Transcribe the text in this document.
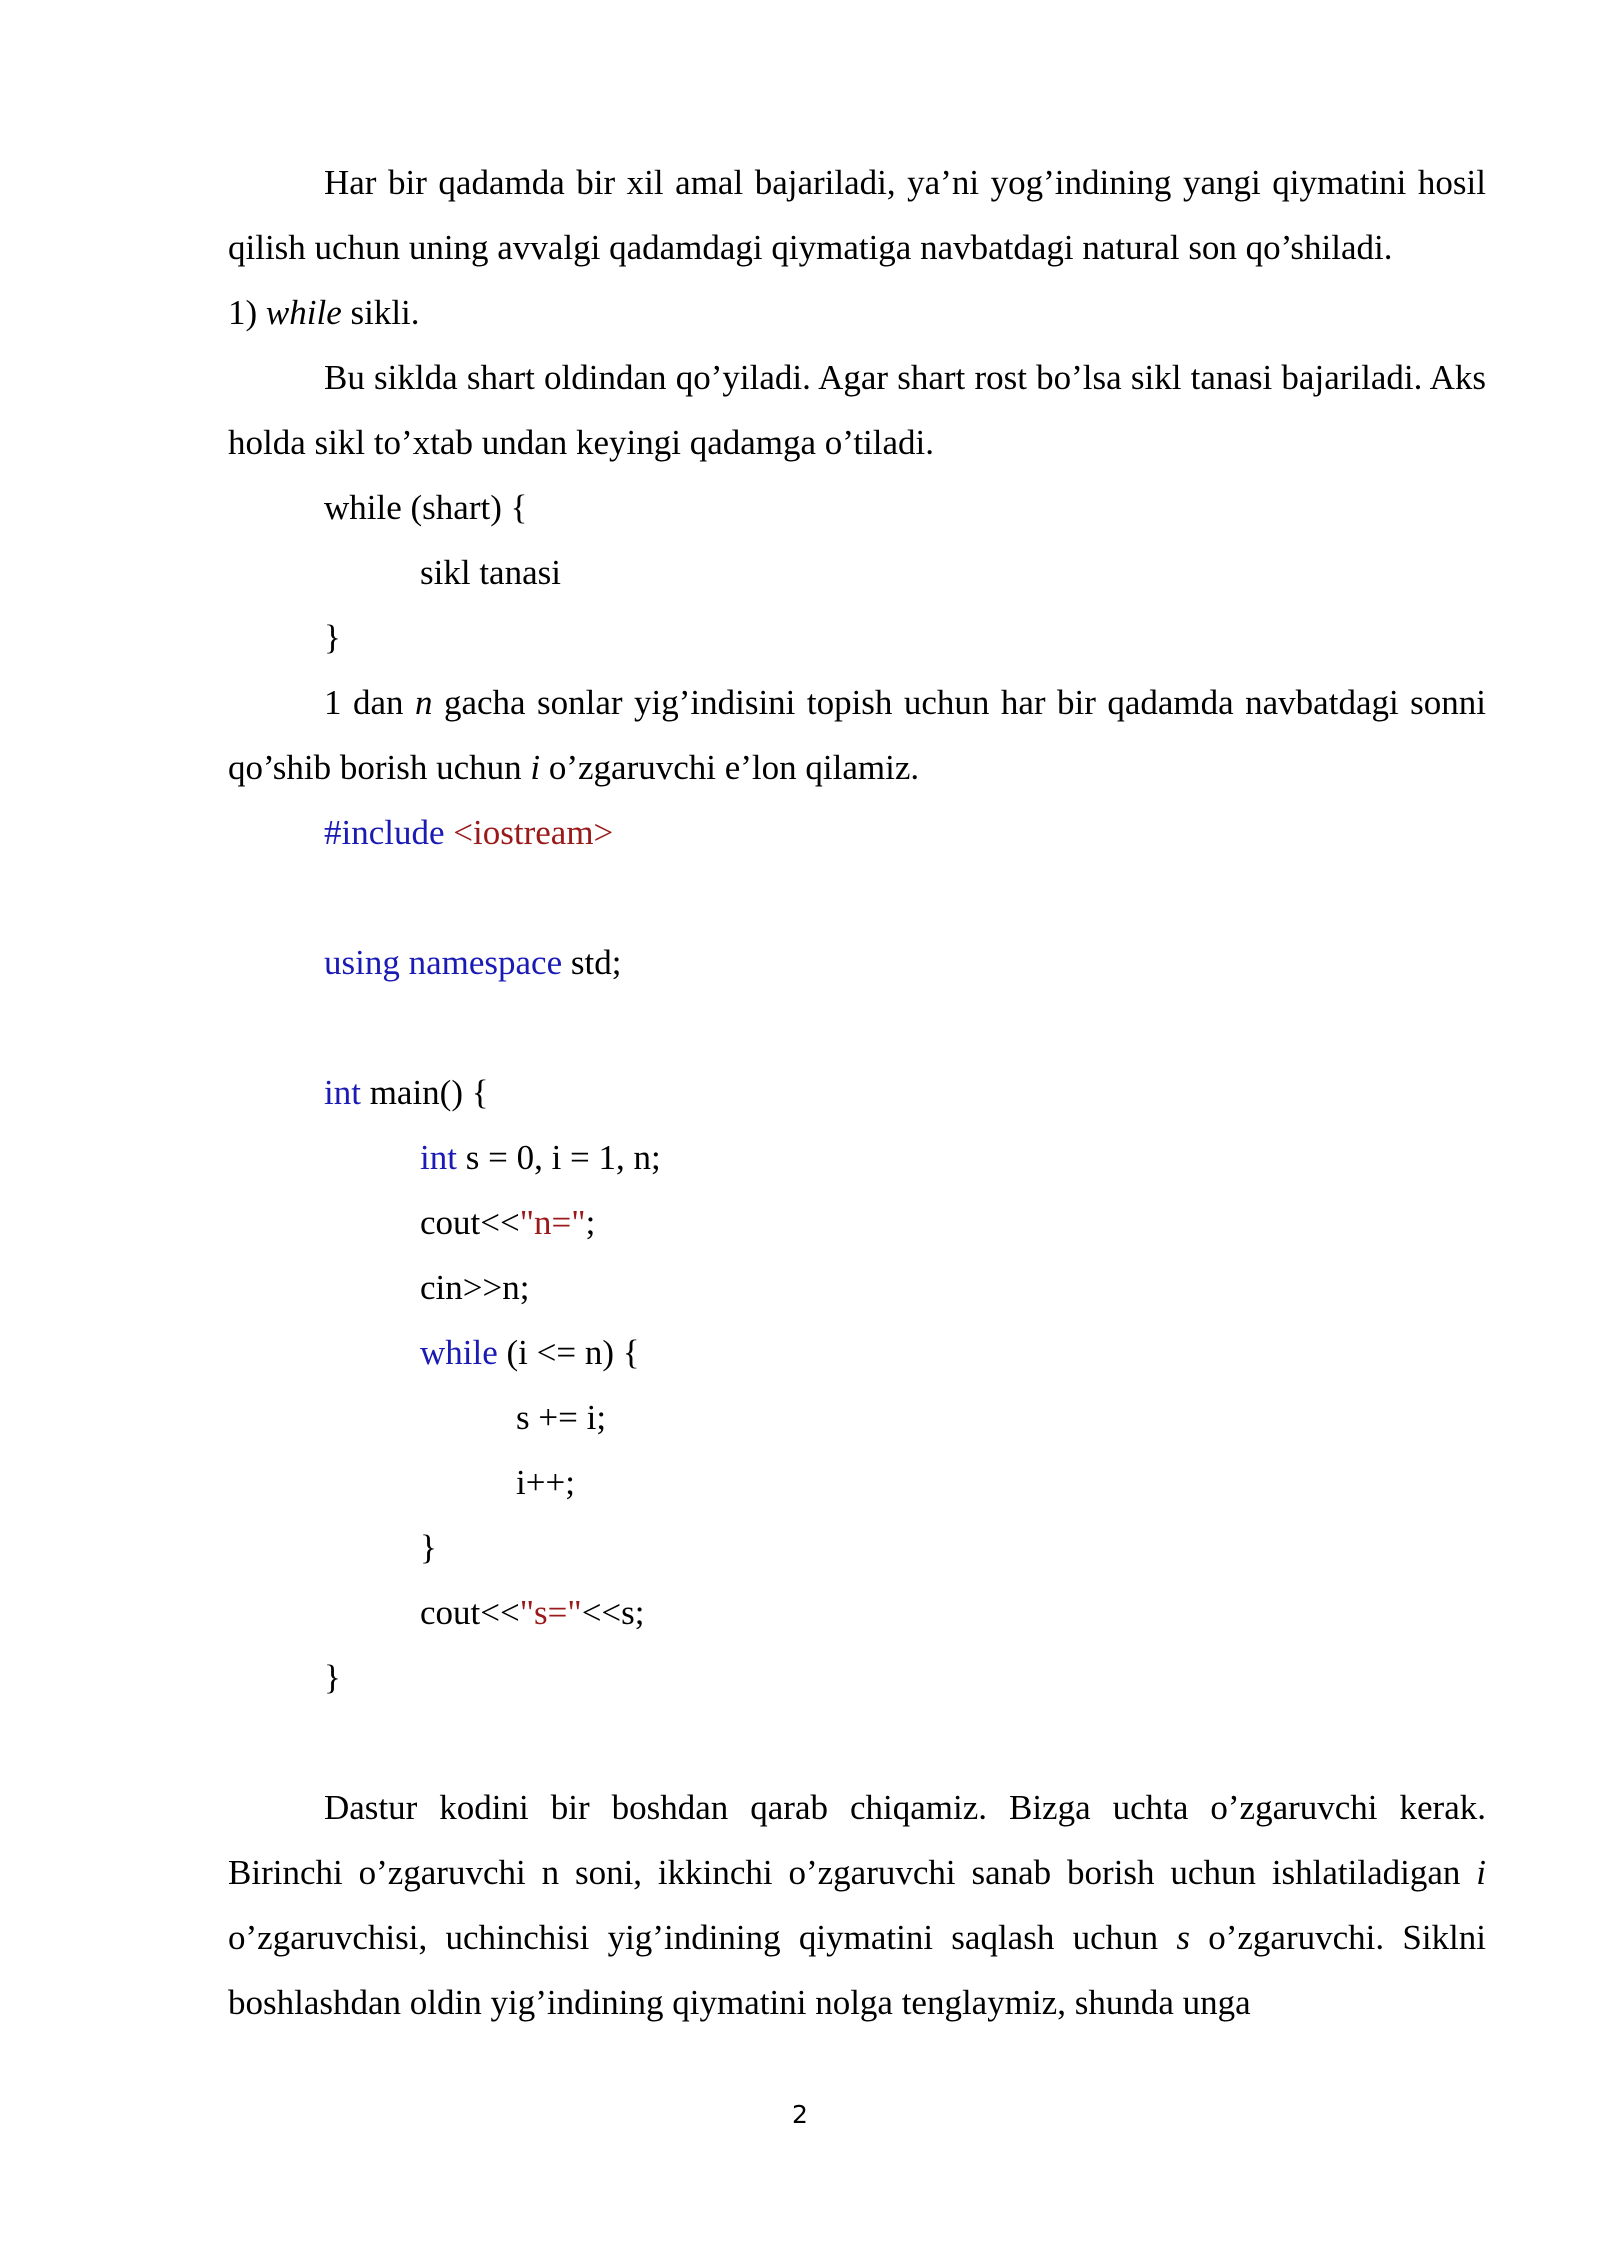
Har bir qadamda bir xil amal bajariladi, ya’ni yog’indining yangi qiymatini hosil qilish uchun uning avvalgi qadamdagi qiymatiga navbatdagi natural son qo’shiladi.

1) while sikli.

Bu siklda shart oldindan qo’yiladi. Agar shart rost bo’lsa sikl tanasi bajariladi. Aks holda sikl to’xtab undan keyingi qadamga o’tiladi.

while (shart) {

sikl tanasi

}

1 dan n gacha sonlar yig’indisini topish uchun har bir qadamda navbatdagi sonni qo’shib borish uchun i o’zgaruvchi e’lon qilamiz.

#include <iostream>

using namespace std;

int main() {

int s = 0, i = 1, n;

cout<<"n=";

cin>>n;

while (i <= n) {

s += i;

i++;

}

cout<<"s="<<s;

}

Dastur kodini bir boshdan qarab chiqamiz. Bizga uchta o’zgaruvchi kerak. Birinchi o’zgaruvchi n soni, ikkinchi o’zgaruvchi sanab borish uchun ishlatiladigan i o’zgaruvchisi, uchinchisi yig’indining qiymatini saqlash uchun s o’zgaruvchi. Siklni boshlashdan oldin yig’indining qiymatini nolga tenglaymiz, shunda unga

2
